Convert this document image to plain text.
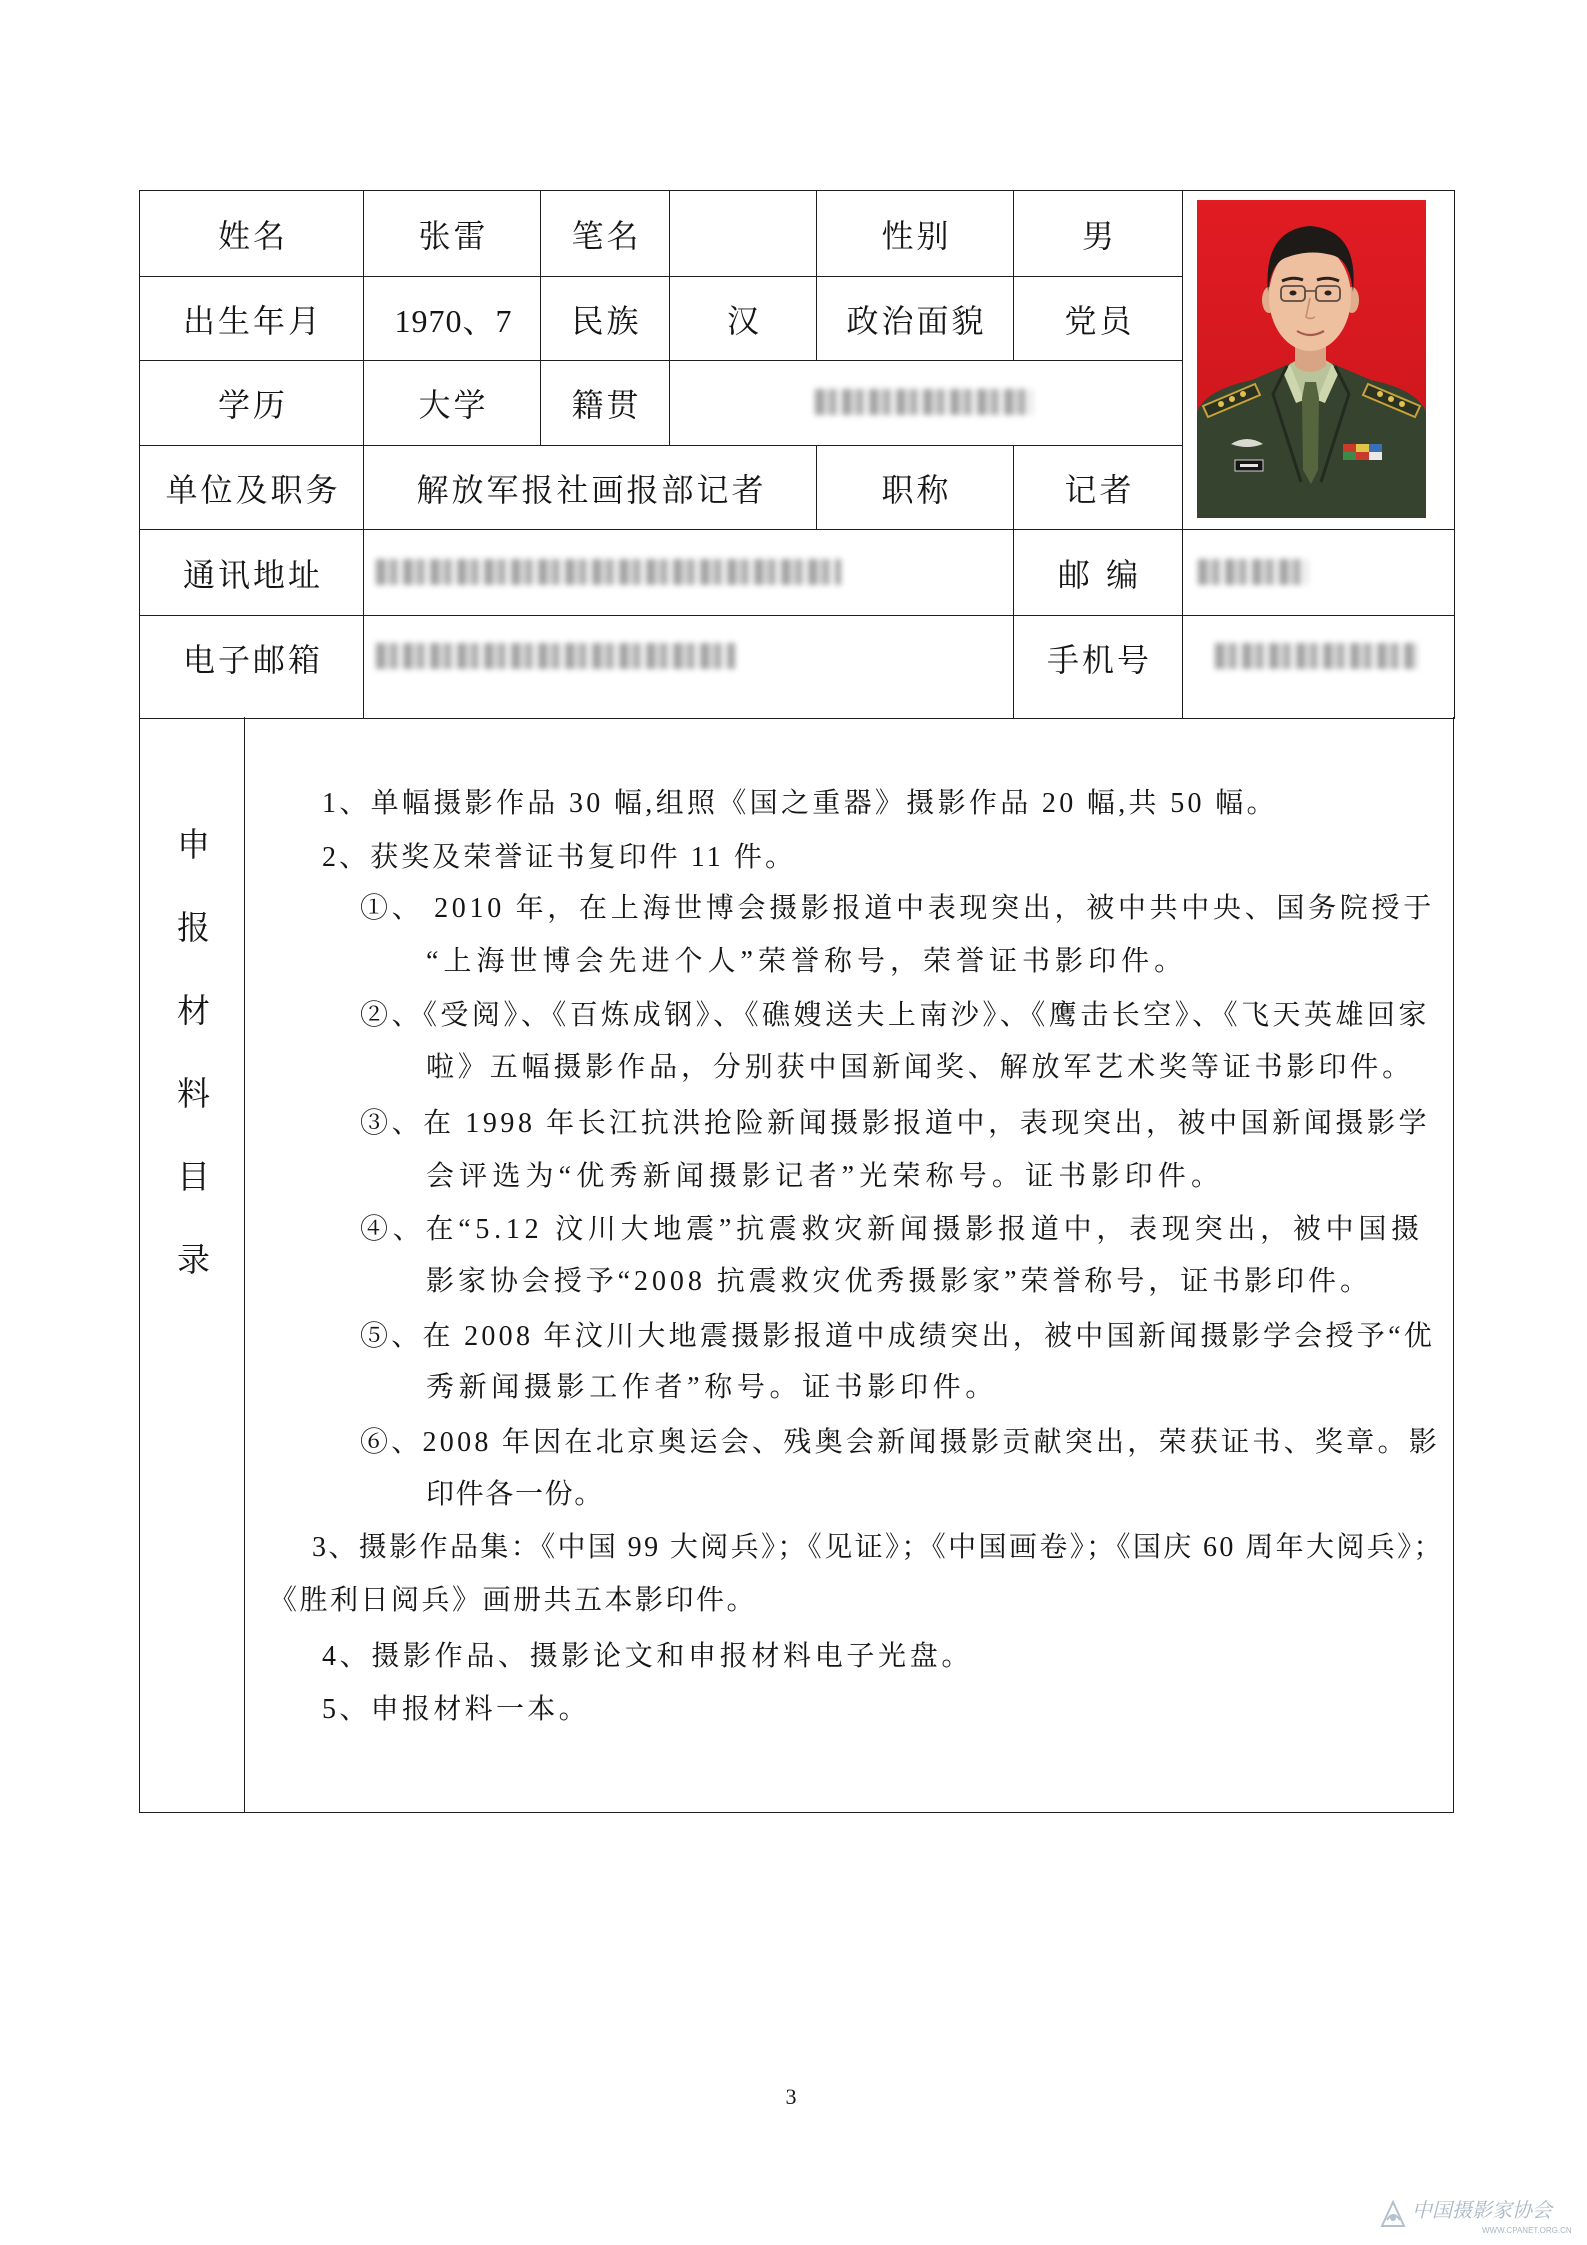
姓名	张雷	笔名		性别	男	
出生年月	1970、7	民族	汉	政治面貌	党员	
学历	大学	籍贯				
单位及职务	解放军报社画报部记者			职称	记者	
通讯地址					邮 编	
电子邮箱					手机号	
申报材料目录
1、单幅摄影作品 30 幅,组照《国之重器》摄影作品 20 幅,共 50 幅。
2、获奖及荣誉证书复印件 11 件。
①、 2010 年，在上海世博会摄影报道中表现突出，被中共中央、国务院授于
“上海世博会先进个人”荣誉称号，荣誉证书影印件。
②、《受阅》、《百炼成钢》、《礁嫂送夫上南沙》、《鹰击长空》、《飞天英雄回家
啦》五幅摄影作品，分别获中国新闻奖、解放军艺术奖等证书影印件。
③、在 1998 年长江抗洪抢险新闻摄影报道中，表现突出，被中国新闻摄影学
会评选为“优秀新闻摄影记者”光荣称号。证书影印件。
④、在“5.12 汶川大地震”抗震救灾新闻摄影报道中，表现突出，被中国摄
影家协会授予“2008 抗震救灾优秀摄影家”荣誉称号，证书影印件。
⑤、在 2008 年汶川大地震摄影报道中成绩突出，被中国新闻摄影学会授予“优
秀新闻摄影工作者”称号。证书影印件。
⑥、2008 年因在北京奥运会、残奥会新闻摄影贡献突出，荣获证书、奖章。影
印件各一份。
3、摄影作品集：《中国 99 大阅兵》；《见证》；《中国画卷》；《国庆 60 周年大阅兵》；
《胜利日阅兵》画册共五本影印件。
4、摄影作品、摄影论文和申报材料电子光盘。
5、申报材料一本。
3
中国摄影家协会
WWW.CPANET.ORG.CN
